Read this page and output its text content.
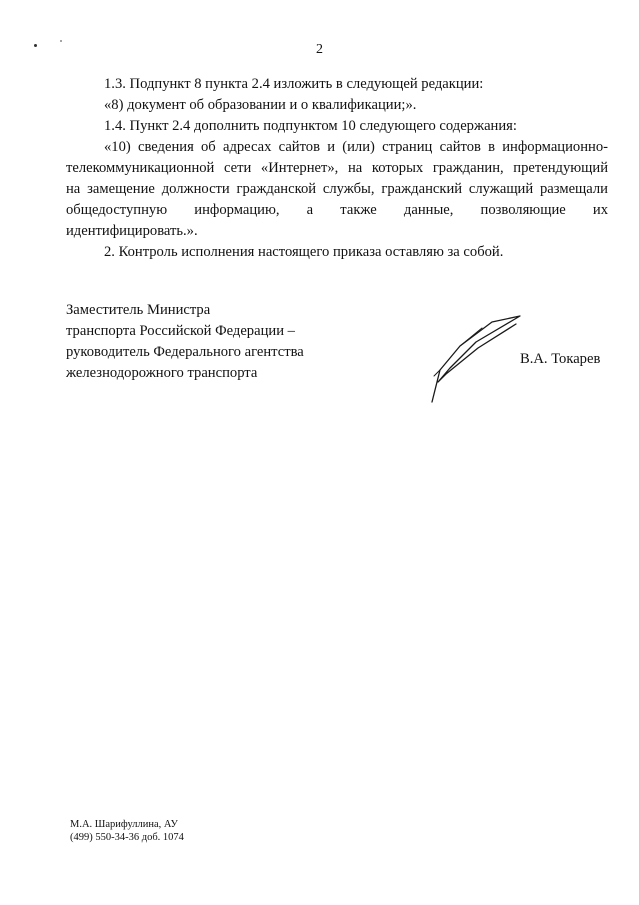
2

1.3. Подпункт 8 пункта 2.4 изложить в следующей редакции:

«8) документ об образовании и о квалификации;».

1.4. Пункт 2.4 дополнить подпунктом 10 следующего содержания:

«10) сведения об адресах сайтов и (или) страниц сайтов в информационно-

телекоммуникационной сети «Интернет», на которых гражданин, претендующий

на замещение должности гражданской службы, гражданский служащий размещали

общедоступную информацию, а также данные, позволяющие их

идентифицировать.».

2. Контроль исполнения настоящего приказа оставляю за собой.

Заместитель Министра
транспорта Российской Федерации –
руководитель Федерального агентства
железнодорожного транспорта
В.А. Токарев
М.А. Шарифуллина, АУ
(499) 550-34-36 доб. 1074
